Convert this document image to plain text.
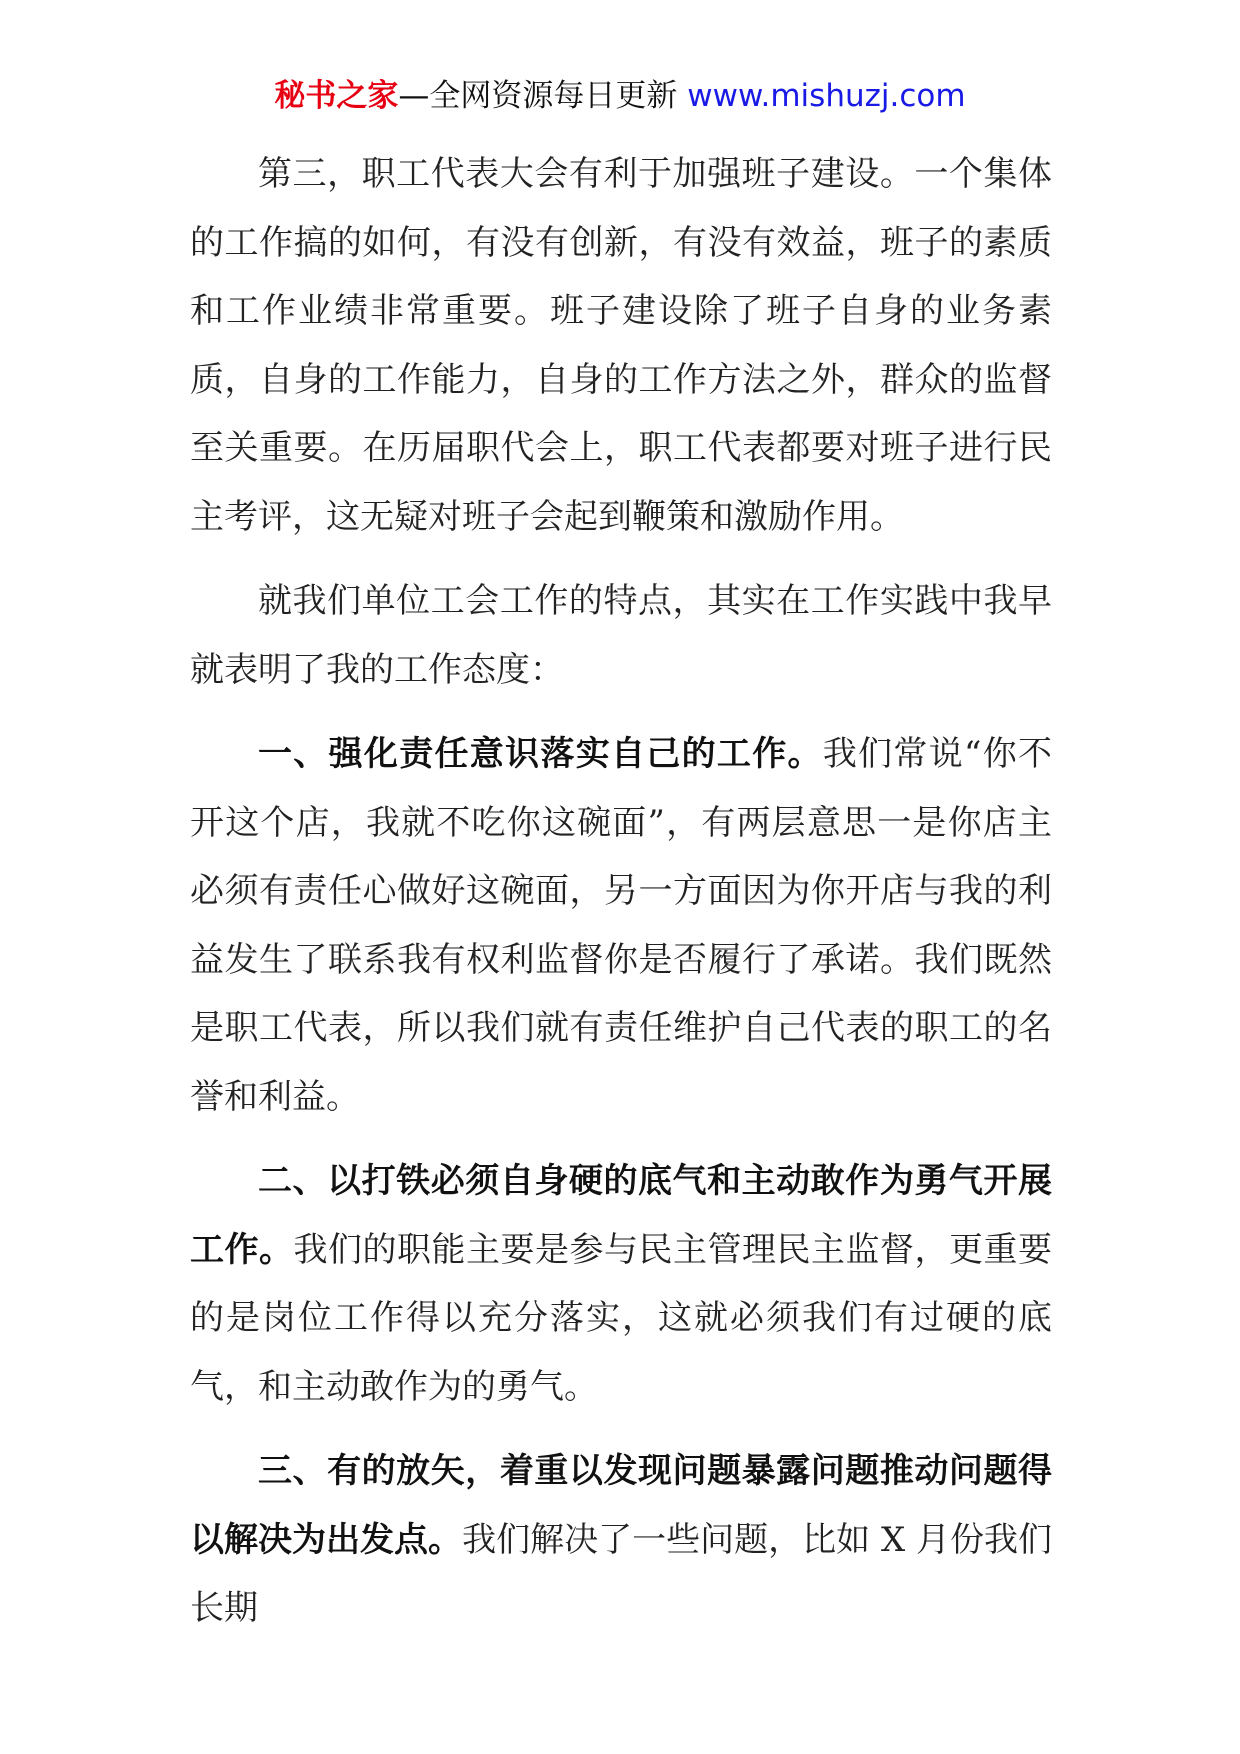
秘书之家—全网资源每日更新 www.mishuzj.com

第三，职工代表大会有利于加强班子建设。一个集体的工作搞的如何，有没有创新，有没有效益，班子的素质和工作业绩非常重要。班子建设除了班子自身的业务素质，自身的工作能力，自身的工作方法之外，群众的监督至关重要。在历届职代会上，职工代表都要对班子进行民主考评，这无疑对班子会起到鞭策和激励作用。

就我们单位工会工作的特点，其实在工作实践中我早就表明了我的工作态度：

一、强化责任意识落实自己的工作。我们常说“你不开这个店，我就不吃你这碗面”，有两层意思一是你店主必须有责任心做好这碗面，另一方面因为你开店与我的利益发生了联系我有权利监督你是否履行了承诺。我们既然是职工代表，所以我们就有责任维护自己代表的职工的名誉和利益。

二、以打铁必须自身硬的底气和主动敢作为勇气开展工作。我们的职能主要是参与民主管理民主监督，更重要的是岗位工作得以充分落实，这就必须我们有过硬的底气，和主动敢作为的勇气。

三、有的放矢，着重以发现问题暴露问题推动问题得以解决为出发点。我们解决了一些问题，比如 X 月份我们长期
